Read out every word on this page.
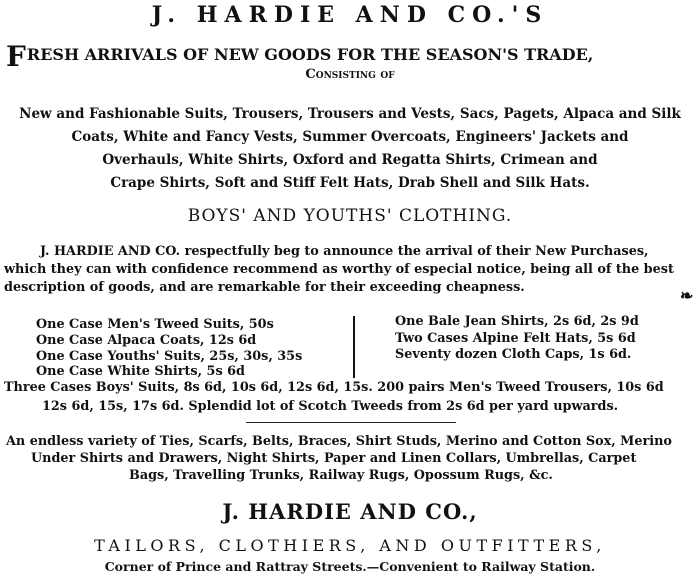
J. HARDIE AND CO.'S
FRESH ARRIVALS OF NEW GOODS FOR THE SEASON'S TRADE,
Consisting of
New and Fashionable Suits, Trousers, Trousers and Vests, Sacs, Pagets, Alpaca and Silk
Coats, White and Fancy Vests, Summer Overcoats, Engineers' Jackets and
Overhauls, White Shirts, Oxford and Regatta Shirts, Crimean and
Crape Shirts, Soft and Stiff Felt Hats, Drab Shell and Silk Hats.
BOYS' AND YOUTHS' CLOTHING.
J. HARDIE AND CO. respectfully beg to announce the arrival of their New Purchases,
which they can with confidence recommend as worthy of especial notice, being all of the best
description of goods, and are remarkable for their exceeding cheapness.	❧
One Case Men's Tweed Suits, 50s
One Case Alpaca Coats, 12s 6d
One Case Youths' Suits, 25s, 30s, 35s
One Case White Shirts, 5s 6d
One Bale Jean Shirts, 2s 6d, 2s 9d
Two Cases Alpine Felt Hats, 5s 6d
Seventy dozen Cloth Caps, 1s 6d.
Three Cases Boys' Suits, 8s 6d, 10s 6d, 12s 6d, 15s. 200 pairs Men's Tweed Trousers, 10s 6d
12s 6d, 15s, 17s 6d. Splendid lot of Scotch Tweeds from 2s 6d per yard upwards.
An endless variety of Ties, Scarfs, Belts, Braces, Shirt Studs, Merino and Cotton Sox, Merino
Under Shirts and Drawers, Night Shirts, Paper and Linen Collars, Umbrellas, Carpet
Bags, Travelling Trunks, Railway Rugs, Opossum Rugs, &c.
J. HARDIE AND CO.,
TAILORS, CLOTHIERS, AND OUTFITTERS,
Corner of Prince and Rattray Streets.—Convenient to Railway Station.
